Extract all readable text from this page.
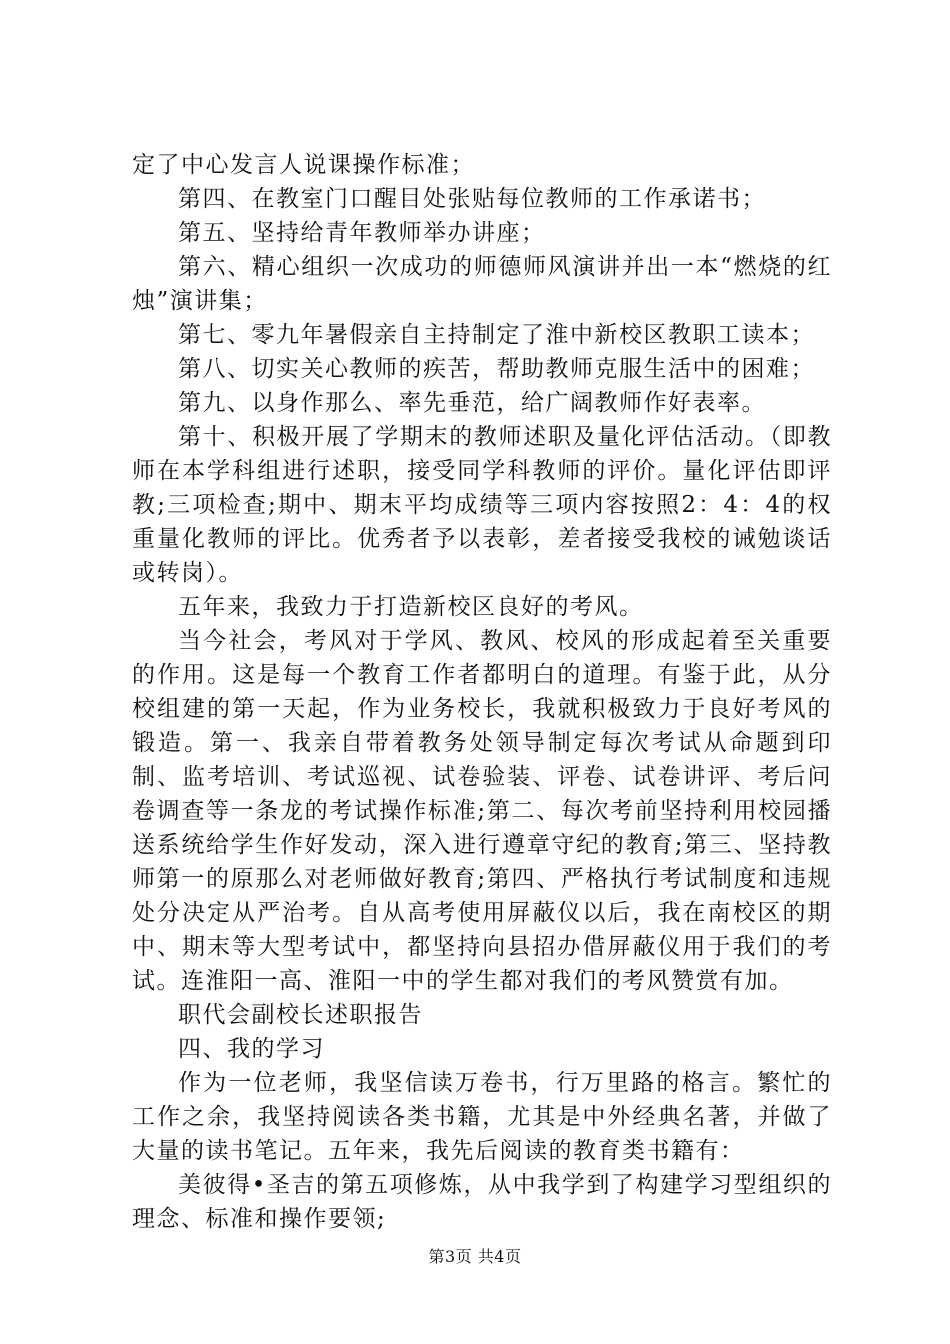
定了中心发言人说课操作标准；

第四、在教室门口醒目处张贴每位教师的工作承诺书；

第五、坚持给青年教师举办讲座；

第六、精心组织一次成功的师德师风演讲并出一本“燃烧的红烛”演讲集；

第七、零九年暑假亲自主持制定了淮中新校区教职工读本；

第八、切实关心教师的疾苦，帮助教师克服生活中的困难；

第九、以身作那么、率先垂范，给广阔教师作好表率。

第十、积极开展了学期末的教师述职及量化评估活动。（即教师在本学科组进行述职，接受同学科教师的评价。量化评估即评教;三项检查;期中、期末平均成绩等三项内容按照2：4：4的权重量化教师的评比。优秀者予以表彰，差者接受我校的诫勉谈话或转岗）。

五年来，我致力于打造新校区良好的考风。

当今社会，考风对于学风、教风、校风的形成起着至关重要的作用。这是每一个教育工作者都明白的道理。有鉴于此，从分校组建的第一天起，作为业务校长，我就积极致力于良好考风的锻造。第一、我亲自带着教务处领导制定每次考试从命题到印制、监考培训、考试巡视、试卷验装、评卷、试卷讲评、考后问卷调查等一条龙的考试操作标准;第二、每次考前坚持利用校园播送系统给学生作好发动，深入进行遵章守纪的教育;第三、坚持教师第一的原那么对老师做好教育;第四、严格执行考试制度和违规处分决定从严治考。自从高考使用屏蔽仪以后，我在南校区的期中、期末等大型考试中，都坚持向县招办借屏蔽仪用于我们的考试。连淮阳一高、淮阳一中的学生都对我们的考风赞赏有加。

职代会副校长述职报告

四、我的学习

作为一位老师，我坚信读万卷书，行万里路的格言。繁忙的工作之余，我坚持阅读各类书籍，尤其是中外经典名著，并做了大量的读书笔记。五年来，我先后阅读的教育类书籍有：

美彼得•圣吉的第五项修炼，从中我学到了构建学习型组织的理念、标准和操作要领;

第3页 共4页
